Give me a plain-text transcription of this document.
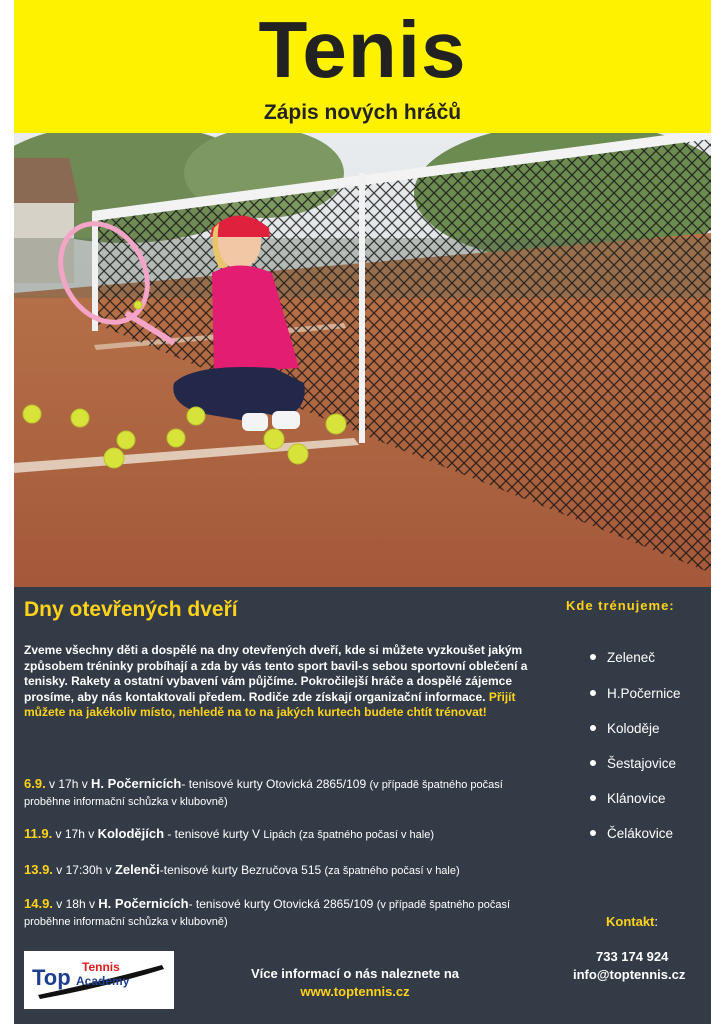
Tenis
Zápis nových hráčů
Dny otevřených dveří	Kde trénujeme:
Zveme všechny děti a dospělé na dny otevřených dveří, kde si můžete vyzkoušet jakým způsobem tréninky probíhají a zda by vás tento sport bavil-s sebou sportovní oblečení a tenisky. Rakety a ostatní vybavení vám půjčíme. Pokročilejší hráče a dospělé zájemce prosíme, aby nás kontaktovali předem. Rodiče zde získají organizační informace. Přijít můžete na jakékoliv místo, nehledě na to na jakých kurtech budete chtít trénovat!
6.9. v 17h v H. Počernicích- tenisové kurty Otovická 2865/109 (v případě špatného počasí proběhne informační schůzka v klubovně)
11.9. v 17h v Kolodějích - tenisové kurty V Lipách (za špatného počasí v hale)
13.9. v 17:30h v Zelenči-tenisové kurty Bezručova 515 (za špatného počasí v hale)
14.9. v 18h v H. Počernicích- tenisové kurty Otovická 2865/109 (v případě špatného počasí proběhne informační schůzka v klubovně)
Zeleneč
H.Počernice
Koloděje
Šestajovice
Klánovice
Čelákovice
Kontakt:
733 174 924
info@toptennis.cz
Více informací o nás naleznete na
www.toptennis.cz
Top Tennis
Academy
